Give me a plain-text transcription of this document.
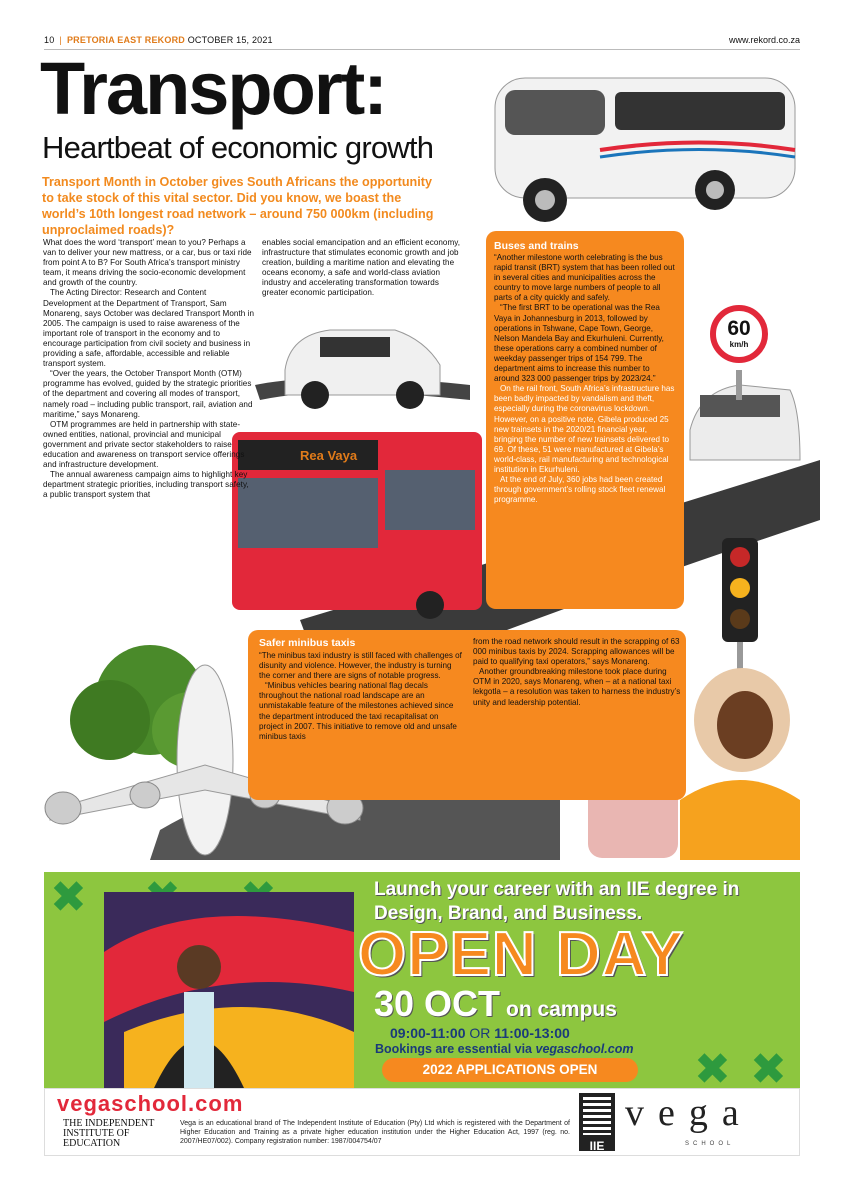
10 | PRETORIA EAST REKORD OCTOBER 15, 2021	www.rekord.co.za
Transport:
Heartbeat of economic growth
Transport Month in October gives South Africans the opportunity to take stock of this vital sector. Did you know, we boast the world’s 10th longest road network – around 750 000km (including unproclaimed roads)?
Rea Vaya
60
km/h

What does the word ‘transport’ mean to you? Perhaps a van to deliver your new mattress, or a car, bus or taxi ride from point A to B? For South Africa’s transport ministry team, it means driving the socio-economic development and growth of the country.

The Acting Director: Research and Content Development at the Department of Transport, Sam Monareng, says October was declared Transport Month in 2005. The campaign is used to raise awareness of the important role of transport in the economy and to encourage participation from civil society and business in providing a safe, affordable, accessible and reliable transport system.

“Over the years, the October Transport Month (OTM) programme has evolved, guided by the strategic priorities of the department and covering all modes of transport, namely road – including public transport, rail, aviation and maritime,” says Monareng.

OTM programmes are held in partnership with state-owned entities, national, provincial and municipal government and private sector stakeholders to raise education and awareness on transport service offerings and infrastructure development.

The annual awareness campaign aims to highlight key department strategic priorities, including transport safety, a public transport system that

enables social emancipation and an efficient economy, infrastructure that stimulates economic growth and job creation, building a maritime nation and elevating the oceans economy, a safe and world-class aviation industry and accelerating transformation towards greater economic participation.

Buses and trains

“Another milestone worth celebrating is the bus rapid transit (BRT) system that has been rolled out in several cities and municipalities across the country to move large numbers of people to all parts of a city quickly and safely.

“The first BRT to be operational was the Rea Vaya in Johannesburg in 2013, followed by operations in Tshwane, Cape Town, George, Nelson Mandela Bay and Ekurhuleni. Currently, these operations carry a combined number of weekday passenger trips of 154 799. The department aims to increase this number to around 323 000 passenger trips by 2023/24.”

On the rail front, South Africa’s infrastructure has been badly impacted by vandalism and theft, especially during the coronavirus lockdown. However, on a positive note, Gibela produced 25 new trainsets in the 2020/21 financial year, bringing the number of new trainsets delivered to 69. Of these, 51 were manufactured at Gibela’s world-class, rail manufacturing and technological institution in Ekurhuleni.

At the end of July, 360 jobs had been created through government’s rolling stock fleet renewal programme.

Safer minibus taxis

“The minibus taxi industry is still faced with challenges of disunity and violence. However, the industry is turning the corner and there are signs of notable progress.

“Minibus vehicles bearing national flag decals throughout the national road landscape are an unmistakable feature of the milestones achieved since the department introduced the taxi recapitalisat on project in 2007. This initiative to remove old and unsafe minibus taxis

from the road network should result in the scrapping of 63 000 minibus taxis by 2024. Scrapping allowances will be paid to qualifying taxi operators,” says Monareng.

Another groundbreaking milestone took place during OTM in 2020, says Monareng, when – at a national taxi lekgotla – a resolution was taken to harness the industry’s unity and leadership potential.

✖
✖ ✖
Launch your career with an IIE degree in Design, Brand, and Business.
OPEN DAY
30 OCT on campus
09:00-11:00 OR 11:00-13:00
Bookings are essential via vegaschool.com
2022 APPLICATIONS OPEN
vegaschool.com
THE INDEPENDENT
INSTITUTE OF
EDUCATION
Vega is an educational brand of The Independent Institute of Education (Pty) Ltd which is registered with the Department of Higher Education and Training as a private higher education institution under the Higher Education Act, 1997 (reg. no. 2007/HE07/002). Company registration number: 1987/004754/07	IIE
vega
SCHOOL
